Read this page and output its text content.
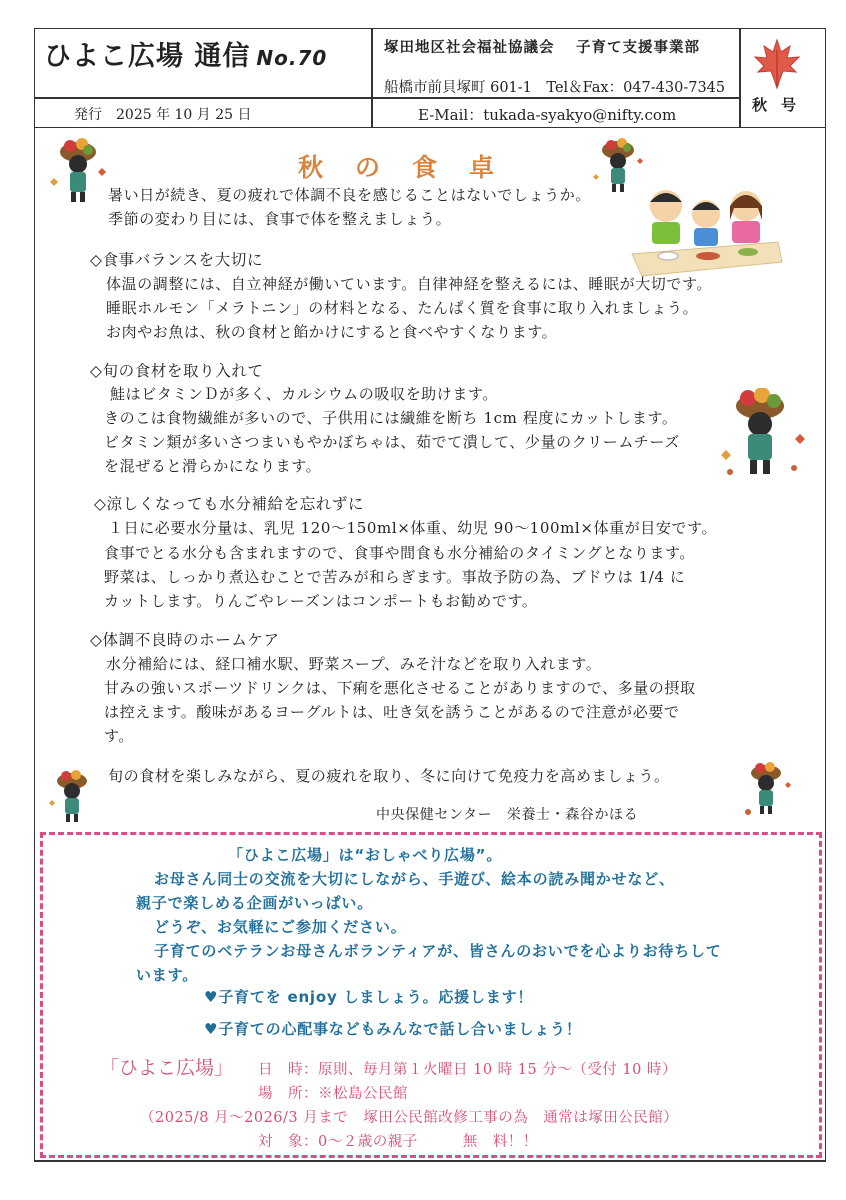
ひよこ広場 通信 No.70
発行　2025 年 10 月 25 日
塚田地区社会福祉協議会　 子育て支援事業部
船橋市前貝塚町 601-1　Tel＆Fax：047-430-7345
E-Mail：tukada-syakyo@nifty.com
秋号
秋の食卓
暑い日が続き、夏の疲れで体調不良を感じることはないでしょうか。
季節の変わり目には、食事で体を整えましょう。
◇食事バランスを大切に
体温の調整には、自立神経が働いています。自律神経を整えるには、睡眠が大切です。
睡眠ホルモン「メラトニン」の材料となる、たんぱく質を食事に取り入れましょう。
お肉やお魚は、秋の食材と餡かけにすると食べやすくなります。
◇旬の食材を取り入れて
鮭はビタミンＤが多く、カルシウムの吸収を助けます。
きのこは食物繊維が多いので、子供用には繊維を断ち 1cm 程度にカットします。
ビタミン類が多いさつまいもやかぼちゃは、茹でて潰して、少量のクリームチーズ
を混ぜると滑らかになります。
◇涼しくなっても水分補給を忘れずに
１日に必要水分量は、乳児 120〜150ml×体重、幼児 90〜100ml×体重が目安です。
食事でとる水分も含まれますので、食事や間食も水分補給のタイミングとなります。
野菜は、しっかり煮込むことで苦みが和らぎます。事故予防の為、ブドウは 1/4 に
カットします。りんごやレーズンはコンポートもお勧めです。
◇体調不良時のホームケア
水分補給には、経口補水駅、野菜スープ、みそ汁などを取り入れます。
甘みの強いスポーツドリンクは、下痢を悪化させることがありますので、多量の摂取
は控えます。酸味があるヨーグルトは、吐き気を誘うことがあるので注意が必要で
す。
旬の食材を楽しみながら、夏の疲れを取り、冬に向けて免疫力を高めましょう。
中央保健センター　栄養士・森谷かほる
「ひよこ広場」は“おしゃべり広場”。
お母さん同士の交流を大切にしながら、手遊び、絵本の読み聞かせなど、
親子で楽しめる企画がいっぱい。
どうぞ、お気軽にご参加ください。
子育てのベテランお母さんボランティアが、皆さんのおいでを心よりお待ちして
います。
♥子育てを enjoy しましょう。応援します！
♥子育ての心配事などもみんなで話し合いましょう！
「ひよこ広場」 日　時：原則、毎月第１火曜日 10 時 15 分〜（受付 10 時）
場　所：※松島公民館
（2025/8 月〜2026/3 月まで　塚田公民館改修工事の為　通常は塚田公民館）
対　象：0〜２歳の親子　　　無　料！！
